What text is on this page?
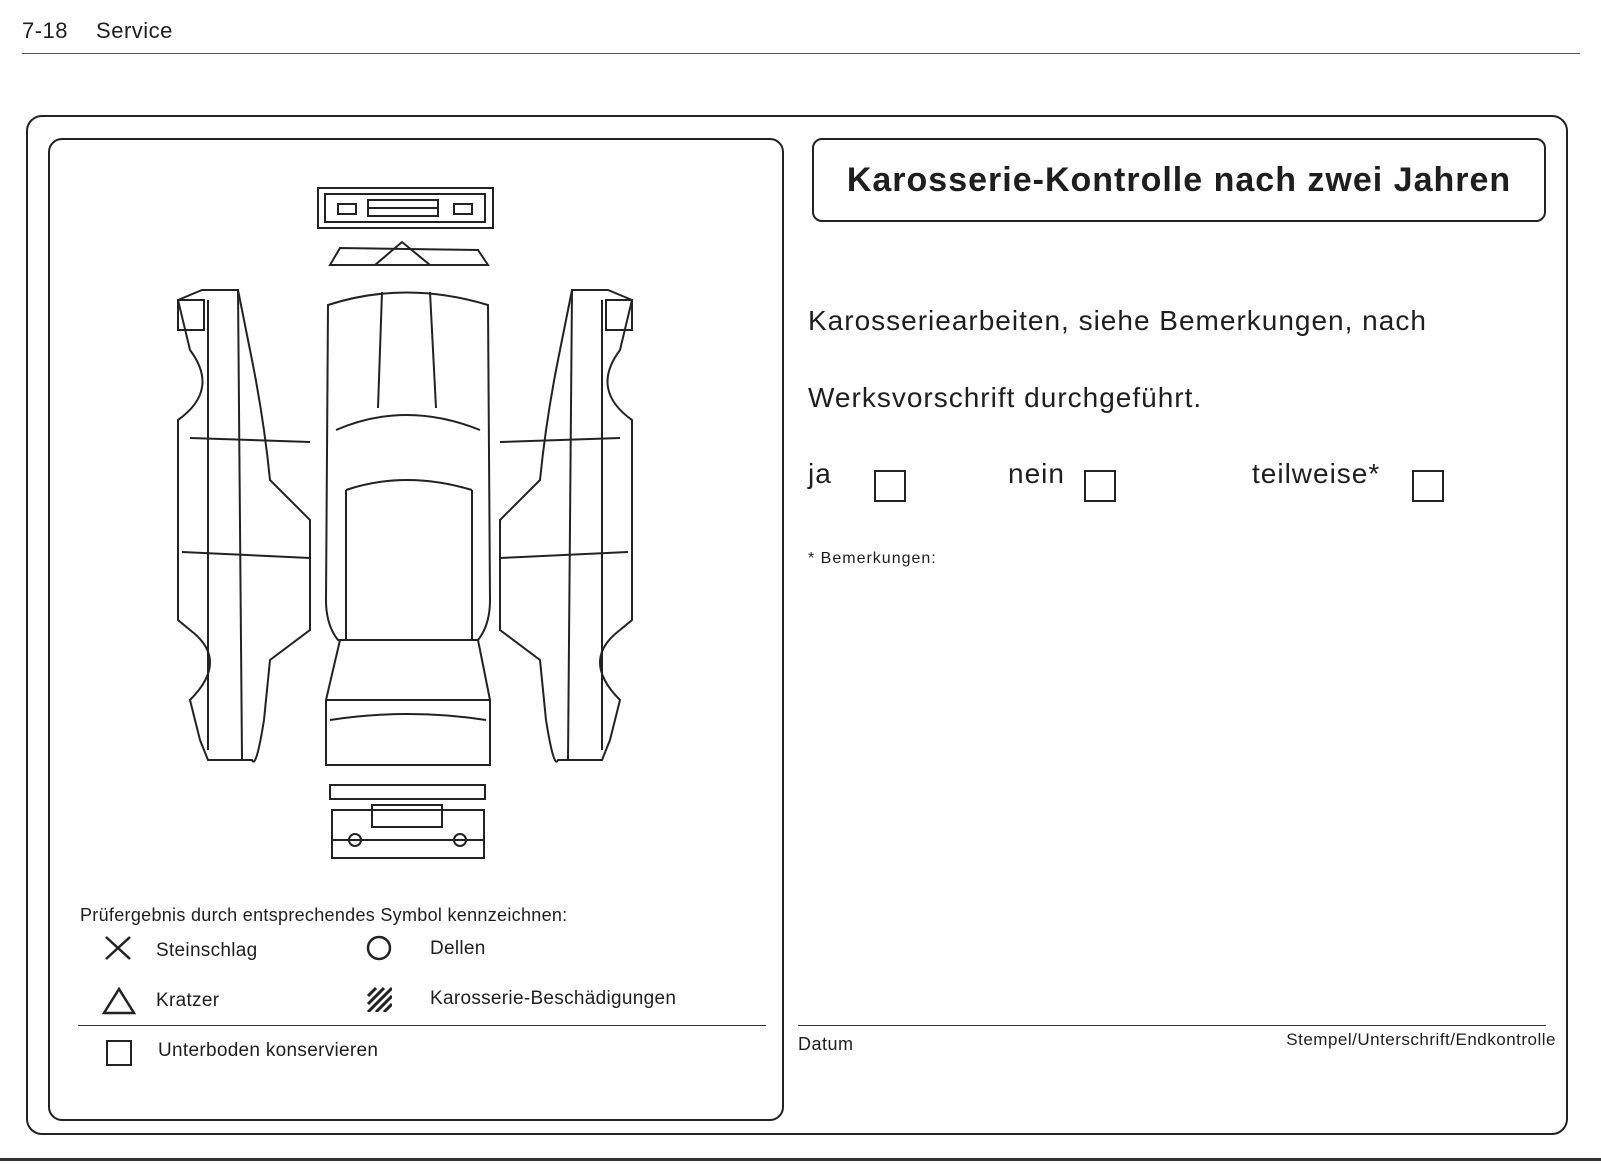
7-18 Service
Prüfergebnis durch entsprechendes Symbol kennzeichnen:
Steinschlag	Dellen
Kratzer	Karosserie-Beschädigungen
Unterboden konservieren
Karosserie-Kontrolle nach zwei Jahren
Karosseriearbeiten, siehe Bemerkungen, nach
Werksvorschrift durchgeführt.
ja	nein	teilweise*
* Bemerkungen:
Datum	Stempel/Unterschrift/Endkontrolle
